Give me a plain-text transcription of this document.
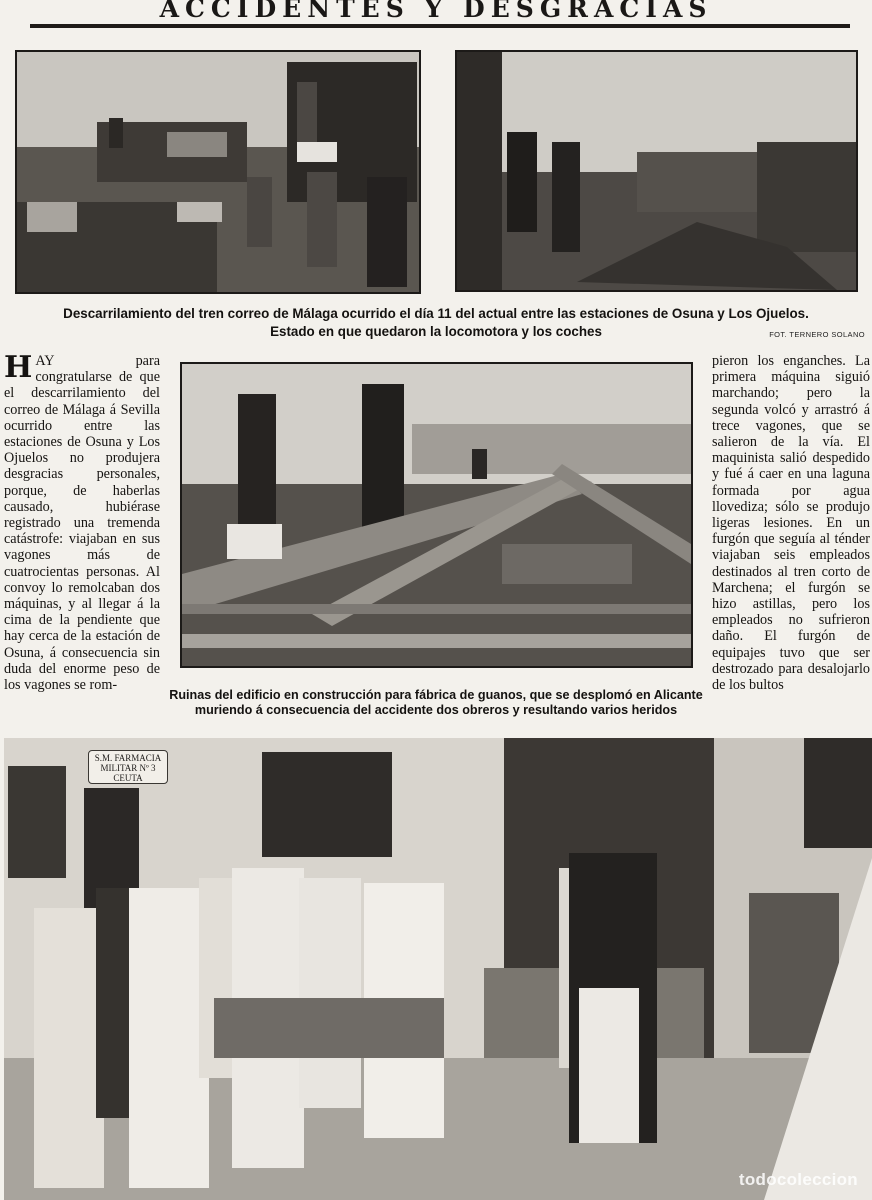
ACCIDENTES Y DESGRACIAS
Descarrilamiento del tren correo de Málaga ocurrido el día 11 del actual entre las estaciones de Osuna y Los Ojuelos.
Estado en que quedaron la locomotora y los coches	FOT. TERNERO SOLANO
HAY para congratularse de que el descarrilamiento del correo de Málaga á Sevilla ocurrido entre las estaciones de Osuna y Los Ojuelos no produjera desgracias personales, porque, de haberlas causado, hubiérase registrado una tremenda catástrofe: viajaban en sus vagones más de cuatrocientas personas. Al convoy lo remolcaban dos máquinas, y al llegar á la cima de la pendiente que hay cerca de la estación de Osuna, á consecuencia sin duda del enorme peso de los vagones se rom-
pieron los enganches. La primera máquina siguió marchando; pero la segunda volcó y arrastró á trece vagones, que se salieron de la vía. El maquinista salió despedido y fué á caer en una laguna formada por agua llovediza; sólo se produjo ligeras lesiones. En un furgón que seguía al ténder viajaban seis empleados destinados al tren corto de Marchena; el furgón se hizo astillas, pero los empleados no sufrieron daño. El furgón de equipajes tuvo que ser destrozado para desalojarlo de los bultos
Ruinas del edificio en construcción para fábrica de guanos, que se desplomó en Alicante
muriendo á consecuencia del accidente dos obreros y resultando varios heridos
S.M. FARMACIA MILITAR Nº 3 CEUTA
todocoleccion
